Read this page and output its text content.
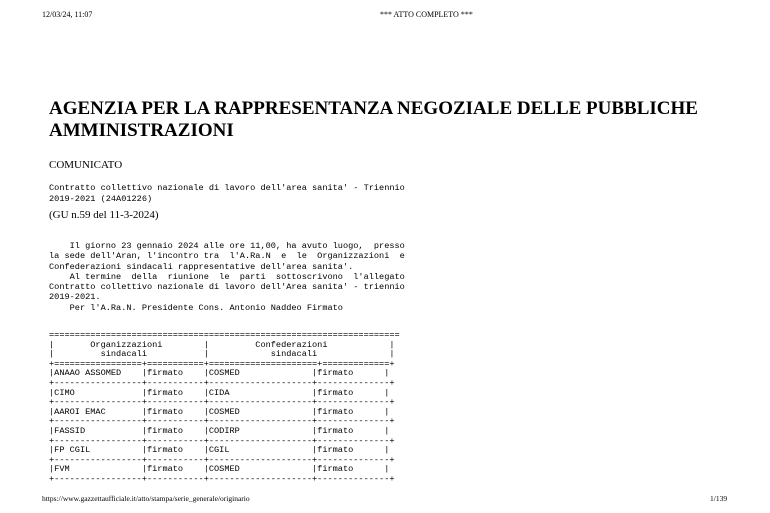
12/03/24, 11:07	*** ATTO COMPLETO ***
AGENZIA PER LA RAPPRESENTANZA NEGOZIALE DELLE PUBBLICHE AMMINISTRAZIONI
COMUNICATO
Contratto collettivo nazionale di lavoro dell'area sanita' - Triennio
2019-2021 (24A01226)
(GU n.59 del 11-3-2024)
Il giorno 23 gennaio 2024 alle ore 11,00, ha avuto luogo,  presso
la sede dell'Aran, l'incontro tra  l'A.Ra.N  e  le  Organizzazioni  e
Confederazioni sindacali rappresentative dell'area sanita'.
Al termine  della  riunione  le  parti  sottoscrivono  l'allegato
Contratto collettivo nazionale di lavoro dell'Area sanita' - triennio
2019-2021.
Per l'A.Ra.N. Presidente Cons. Antonio Naddeo Firmato
====================================================================
|       Organizzazioni        |         Confederazioni            |
|         sindacali           |            sindacali              |
+=================+===========+=====================+=============+
|ANAAO ASSOMED    |firmato    |COSMED              |firmato      |
+-----------------+-----------+--------------------+--------------+
|CIMO             |firmato    |CIDA                |firmato      |
+-----------------+-----------+--------------------+--------------+
|AAROI EMAC       |firmato    |COSMED              |firmato      |
+-----------------+-----------+--------------------+--------------+
|FASSID           |firmato    |CODIRP              |firmato      |
+-----------------+-----------+--------------------+--------------+
|FP CGIL          |firmato    |CGIL                |firmato      |
+-----------------+-----------+--------------------+--------------+
|FVM              |firmato    |COSMED              |firmato      |
+-----------------+-----------+--------------------+--------------+
https://www.gazzettaufficiale.it/atto/stampa/serie_generale/originario	1/139
